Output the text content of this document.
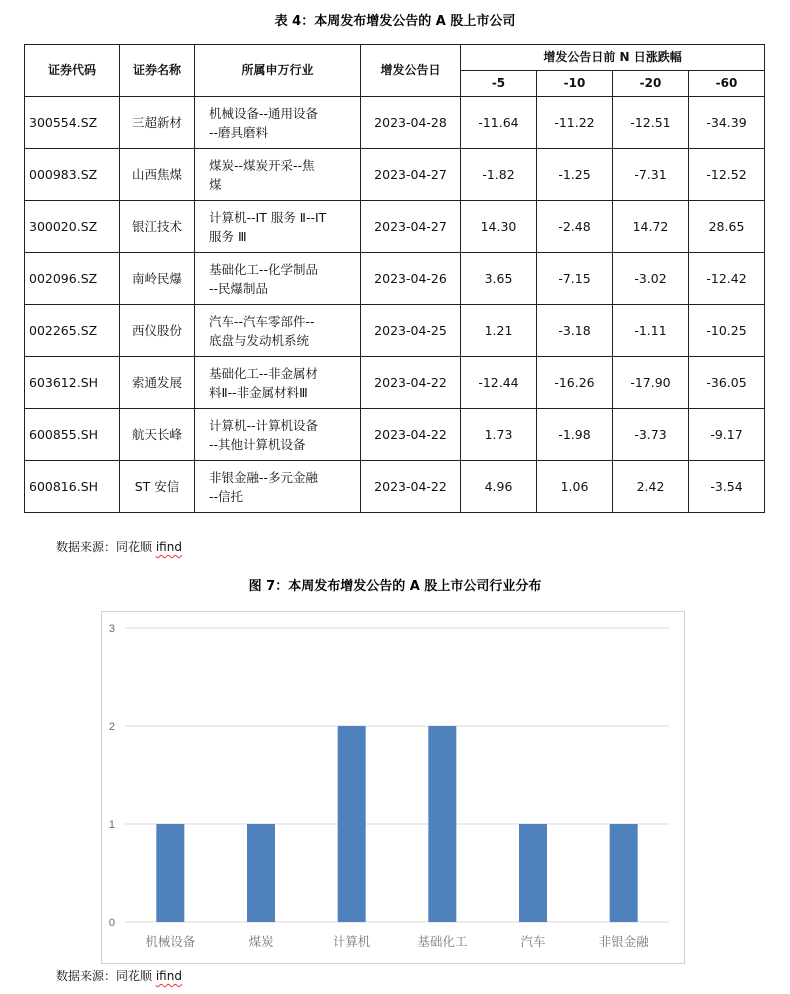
表 4：本周发布增发公告的 A 股上市公司
证券代码	证券名称	所属申万行业	增发公告日	增发公告日前 N 日涨跌幅			
				-5	-10	-20	-60
300554.SZ	三超新材	机械设备--通用设备
--磨具磨料	2023-04-28	-11.64	-11.22	-12.51	-34.39
000983.SZ	山西焦煤	煤炭--煤炭开采--焦
煤	2023-04-27	-1.82	-1.25	-7.31	-12.52
300020.SZ	银江技术	计算机--IT 服务 Ⅱ--IT
服务 Ⅲ	2023-04-27	14.30	-2.48	14.72	28.65
002096.SZ	南岭民爆	基础化工--化学制品
--民爆制品	2023-04-26	3.65	-7.15	-3.02	-12.42
002265.SZ	西仪股份	汽车--汽车零部件--
底盘与发动机系统	2023-04-25	1.21	-3.18	-1.11	-10.25
603612.SH	索通发展	基础化工--非金属材
料Ⅱ--非金属材料Ⅲ	2023-04-22	-12.44	-16.26	-17.90	-36.05
600855.SH	航天长峰	计算机--计算机设备
--其他计算机设备	2023-04-22	1.73	-1.98	-3.73	-9.17
600816.SH	ST 安信	非银金融--多元金融
--信托	2023-04-22	4.96	1.06	2.42	-3.54
数据来源：同花顺 ifind
图 7：本周发布增发公告的 A 股上市公司行业分布
0
1
2
3
机械设备	煤炭	计算机	基础化工	汽车	非银金融
数据来源：同花顺 ifind
